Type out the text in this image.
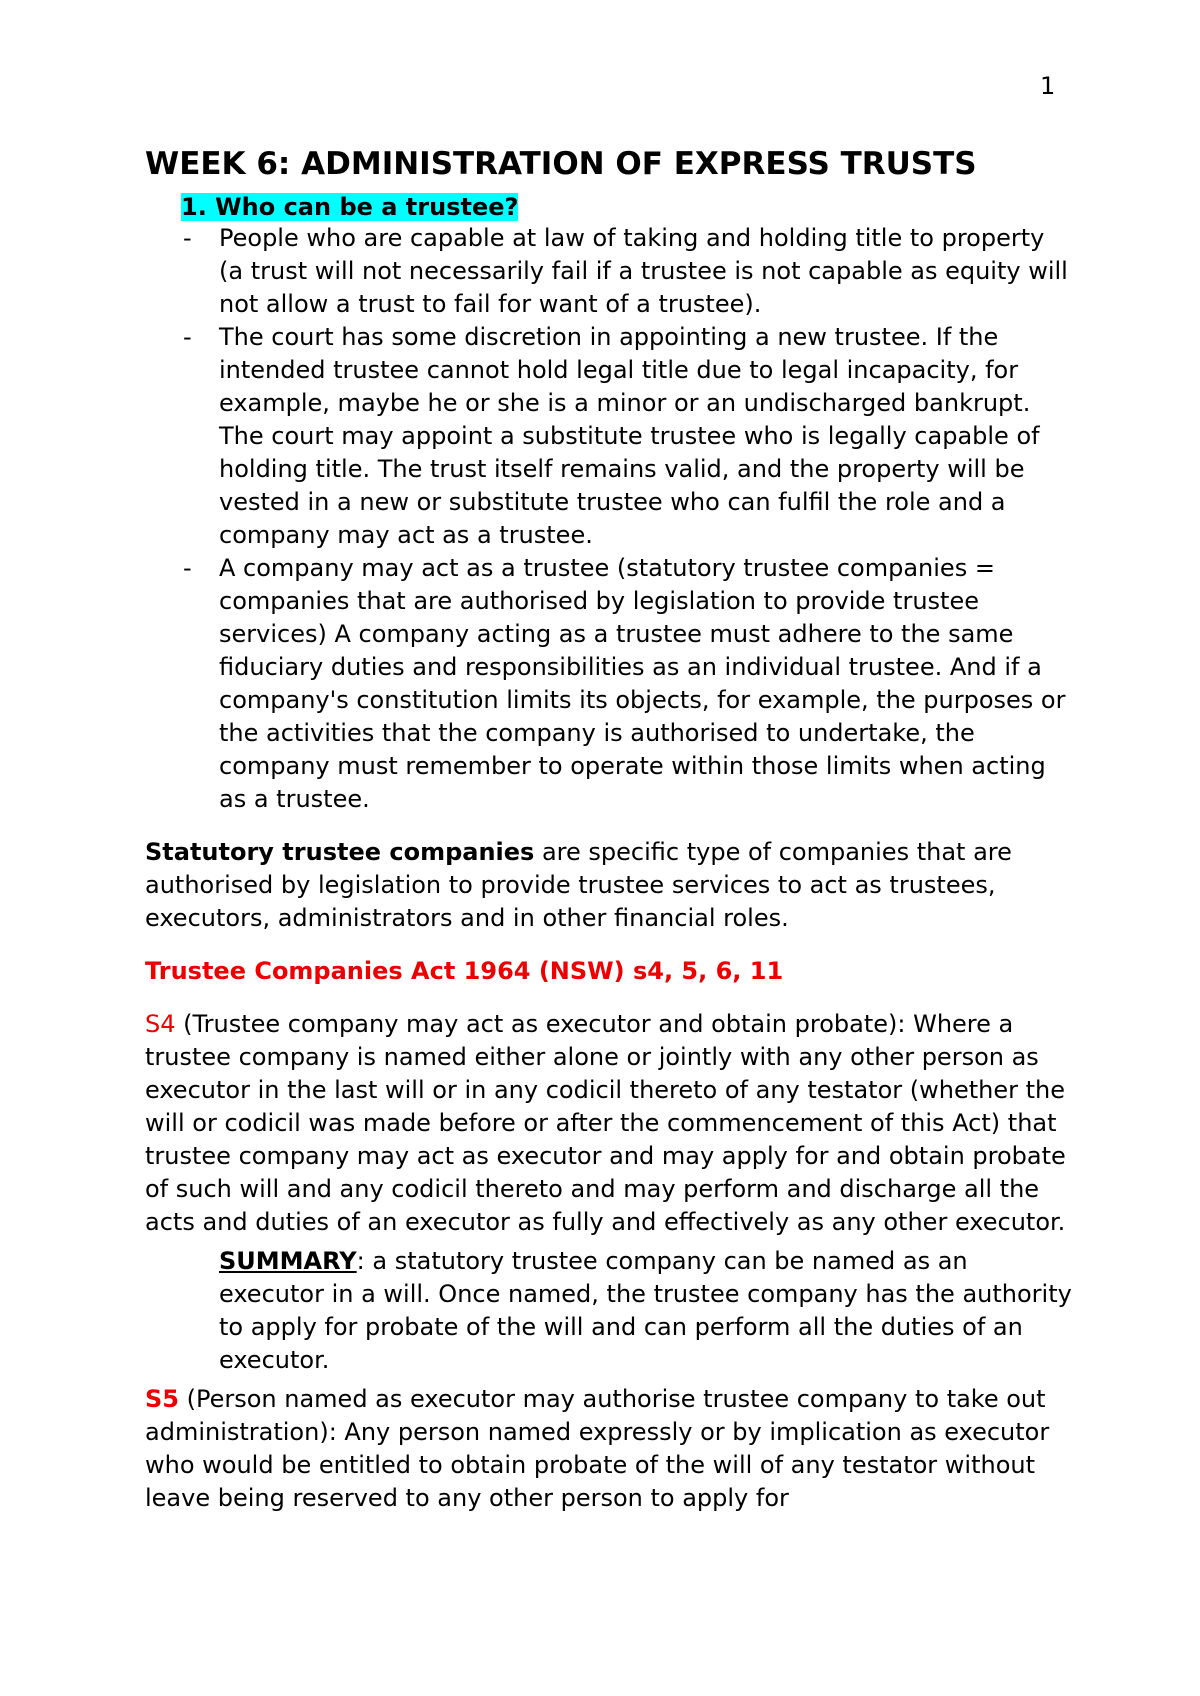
1
WEEK 6: ADMINISTRATION OF EXPRESS TRUSTS
1. Who can be a trustee?
- People who are capable at law of taking and holding title to property (a trust will not necessarily fail if a trustee is not capable as equity will not allow a trust to fail for want of a trustee).
- The court has some discretion in appointing a new trustee. If the intended trustee cannot hold legal title due to legal incapacity, for example, maybe he or she is a minor or an undischarged bankrupt. The court may appoint a substitute trustee who is legally capable of holding title. The trust itself remains valid, and the property will be vested in a new or substitute trustee who can fulfil the role and a company may act as a trustee.
- A company may act as a trustee (statutory trustee companies = companies that are authorised by legislation to provide trustee services) A company acting as a trustee must adhere to the same fiduciary duties and responsibilities as an individual trustee. And if a company's constitution limits its objects, for example, the purposes or the activities that the company is authorised to undertake, the company must remember to operate within those limits when acting as a trustee.

Statutory trustee companies are specific type of companies that are authorised by legislation to provide trustee services to act as trustees, executors, administrators and in other financial roles.

Trustee Companies Act 1964 (NSW) s4, 5, 6, 11

S4 (Trustee company may act as executor and obtain probate): Where a trustee company is named either alone or jointly with any other person as executor in the last will or in any codicil thereto of any testator (whether the will or codicil was made before or after the commencement of this Act) that trustee company may act as executor and may apply for and obtain probate of such will and any codicil thereto and may perform and discharge all the acts and duties of an executor as fully and effectively as any other executor.

SUMMARY: a statutory trustee company can be named as an executor in a will. Once named, the trustee company has the authority to apply for probate of the will and can perform all the duties of an executor.

S5 (Person named as executor may authorise trustee company to take out administration): Any person named expressly or by implication as executor who would be entitled to obtain probate of the will of any testator without leave being reserved to any other person to apply for
